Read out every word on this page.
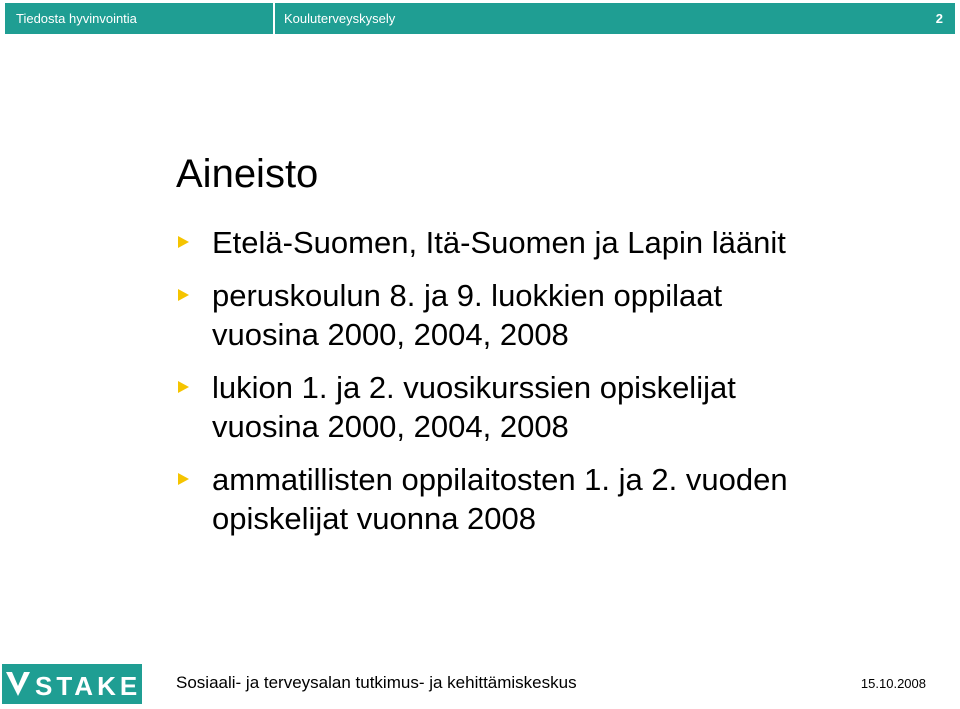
Tiedosta hyvinvointia	Kouluterveyskysely	2
Aineisto
Etelä-Suomen, Itä-Suomen ja Lapin läänit
peruskoulun 8. ja 9. luokkien oppilaat
vuosina 2000, 2004, 2008
lukion 1. ja 2. vuosikurssien opiskelijat
vuosina 2000, 2004, 2008
ammatillisten oppilaitosten 1. ja 2. vuoden
opiskelijat vuonna 2008
STAKES Sosiaali- ja terveysalan tutkimus- ja kehittämiskeskus	15.10.2008
